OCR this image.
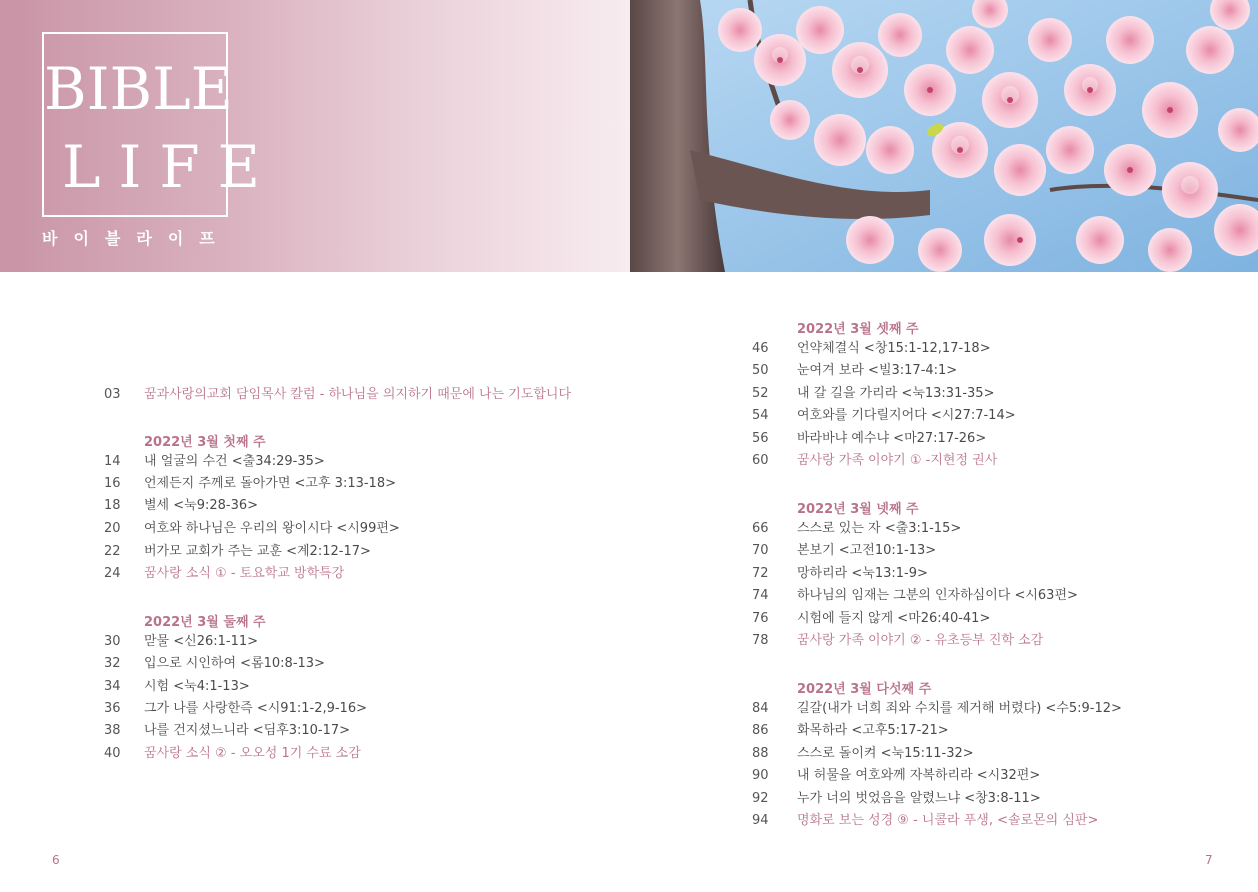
BIBLE
LIFE
바이블라이프
03	꿈과사랑의교회 담임목사 칼럼 - 하나님을 의지하기 때문에 나는 기도합니다
2022년 3월 첫째 주
14	내 얼굴의 수건 <출34:29-35>
16	언제든지 주께로 돌아가면 <고후 3:13-18>
18	별세 <눅9:28-36>
20	여호와 하나님은 우리의 왕이시다 <시99편>
22	버가모 교회가 주는 교훈 <계2:12-17>
24	꿈사랑 소식 ① - 토요학교 방학특강
2022년 3월 둘째 주
30	맏물 <신26:1-11>
32	입으로 시인하여 <롬10:8-13>
34	시험 <눅4:1-13>
36	그가 나를 사랑한즉 <시91:1-2,9-16>
38	나를 건지셨느니라 <딤후3:10-17>
40	꿈사랑 소식 ② - 오오성 1기 수료 소감
2022년 3월 셋째 주
46	언약체결식 <창15:1-12,17-18>
50	눈여겨 보라 <빌3:17-4:1>
52	내 갈 길을 가리라 <눅13:31-35>
54	여호와를 기다릴지어다 <시27:7-14>
56	바라바냐 예수냐 <마27:17-26>
60	꿈사랑 가족 이야기 ① -지현정 권사
2022년 3월 넷째 주
66	스스로 있는 자 <출3:1-15>
70	본보기 <고전10:1-13>
72	망하리라 <눅13:1-9>
74	하나님의 임재는 그분의 인자하심이다 <시63편>
76	시험에 들지 않게 <마26:40-41>
78	꿈사랑 가족 이야기 ② - 유초등부 진학 소감
2022년 3월 다섯째 주
84	길갈(내가 너희 죄와 수치를 제거해 버렸다) <수5:9-12>
86	화목하라 <고후5:17-21>
88	스스로 돌이켜 <눅15:11-32>
90	내 허물을 여호와께 자복하리라 <시32편>
92	누가 너의 벗었음을 알렸느냐 <창3:8-11>
94	명화로 보는 성경 ⑨ - 니콜라 푸생, <솔로몬의 심판>
6	7
